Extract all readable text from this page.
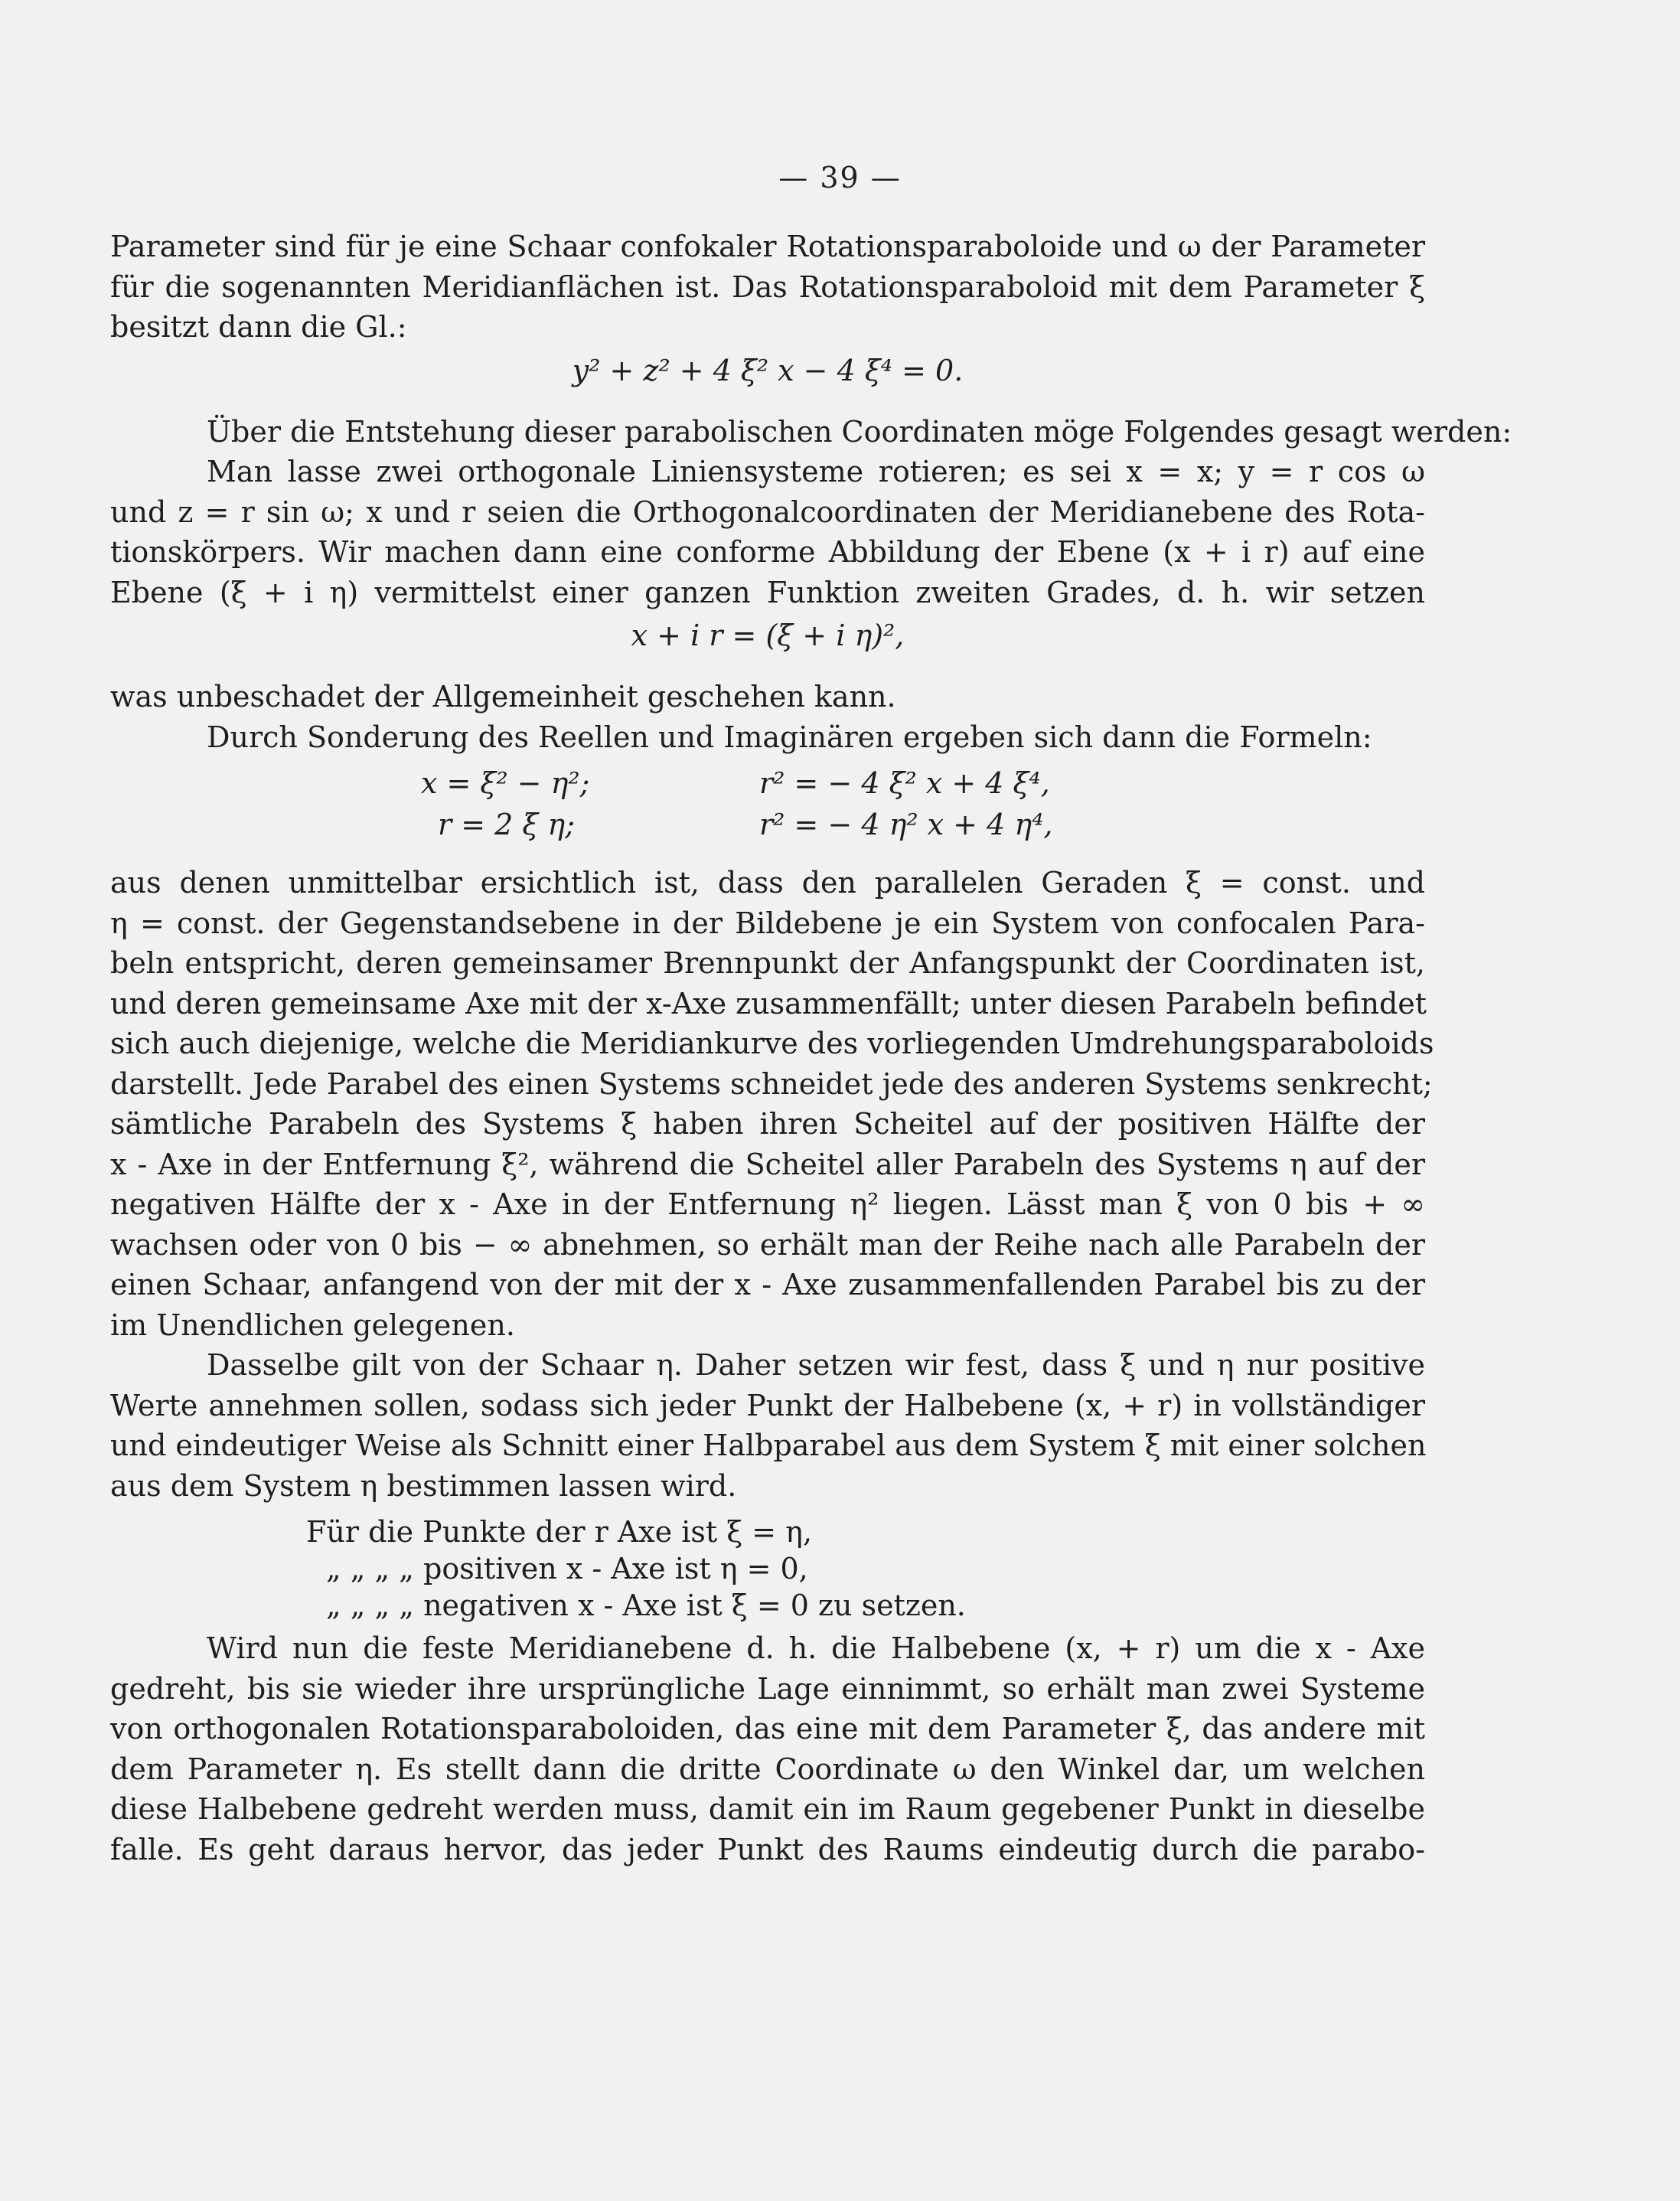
— 39 —
Parameter sind für je eine Schaar confokaler Rotationsparaboloide und ω der Parameter
für die sogenannten Meridianflächen ist. Das Rotationsparaboloid mit dem Parameter ξ
besitzt dann die Gl.:
y² + z² + 4 ξ² x − 4 ξ⁴ = 0.
Über die Entstehung dieser parabolischen Coordinaten möge Folgendes gesagt werden:
Man lasse zwei orthogonale Liniensysteme rotieren; es sei x = x; y = r cos ω
und z = r sin ω; x und r seien die Orthogonalcoordinaten der Meridianebene des Rota-
tionskörpers. Wir machen dann eine conforme Abbildung der Ebene (x + i r) auf eine
Ebene (ξ + i η) vermittelst einer ganzen Funktion zweiten Grades, d. h. wir setzen
x + i r = (ξ + i η)²,
was unbeschadet der Allgemeinheit geschehen kann.
Durch Sonderung des Reellen und Imaginären ergeben sich dann die Formeln:
x = ξ² − η²;
r = 2 ξ η;
r² = − 4 ξ² x + 4 ξ⁴,
r² = − 4 η² x + 4 η⁴,
aus denen unmittelbar ersichtlich ist, dass den parallelen Geraden ξ = const. und
η = const. der Gegenstandsebene in der Bildebene je ein System von confocalen Para-
beln entspricht, deren gemeinsamer Brennpunkt der Anfangspunkt der Coordinaten ist,
und deren gemeinsame Axe mit der x-Axe zusammenfällt; unter diesen Parabeln befindet
sich auch diejenige, welche die Meridiankurve des vorliegenden Umdrehungsparaboloids
darstellt. Jede Parabel des einen Systems schneidet jede des anderen Systems senkrecht;
sämtliche Parabeln des Systems ξ haben ihren Scheitel auf der positiven Hälfte der
x - Axe in der Entfernung ξ², während die Scheitel aller Parabeln des Systems η auf der
negativen Hälfte der x - Axe in der Entfernung η² liegen. Lässt man ξ von 0 bis + ∞
wachsen oder von 0 bis − ∞ abnehmen, so erhält man der Reihe nach alle Parabeln der
einen Schaar, anfangend von der mit der x - Axe zusammenfallenden Parabel bis zu der
im Unendlichen gelegenen.
Dasselbe gilt von der Schaar η. Daher setzen wir fest, dass ξ und η nur positive
Werte annehmen sollen, sodass sich jeder Punkt der Halbebene (x, + r) in vollständiger
und eindeutiger Weise als Schnitt einer Halbparabel aus dem System ξ mit einer solchen
aus dem System η bestimmen lassen wird.
Für die Punkte der r Axe ist ξ = η,
„ „ „ „ positiven x - Axe ist η = 0,
„ „ „ „ negativen x - Axe ist ξ = 0 zu setzen.
Wird nun die feste Meridianebene d. h. die Halbebene (x, + r) um die x - Axe
gedreht, bis sie wieder ihre ursprüngliche Lage einnimmt, so erhält man zwei Systeme
von orthogonalen Rotationsparaboloiden, das eine mit dem Parameter ξ, das andere mit
dem Parameter η. Es stellt dann die dritte Coordinate ω den Winkel dar, um welchen
diese Halbebene gedreht werden muss, damit ein im Raum gegebener Punkt in dieselbe
falle. Es geht daraus hervor, das jeder Punkt des Raums eindeutig durch die parabo-
